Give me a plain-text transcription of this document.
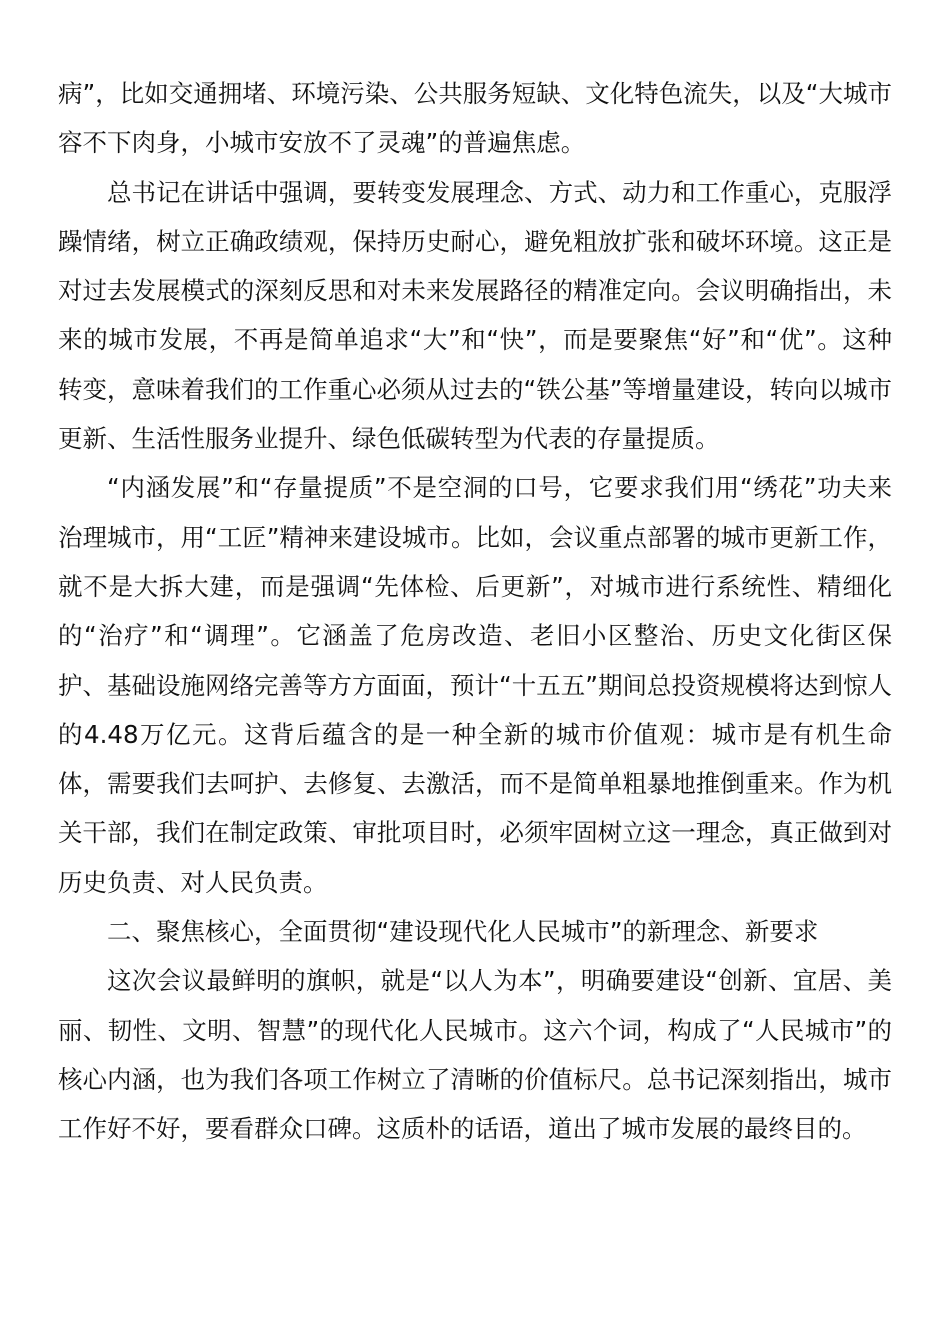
病”，比如交通拥堵、环境污染、公共服务短缺、文化特色流失，以及“大城市容不下肉身，小城市安放不了灵魂”的普遍焦虑。

总书记在讲话中强调，要转变发展理念、方式、动力和工作重心，克服浮躁情绪，树立正确政绩观，保持历史耐心，避免粗放扩张和破坏环境。这正是对过去发展模式的深刻反思和对未来发展路径的精准定向。会议明确指出，未来的城市发展，不再是简单追求“大”和“快”，而是要聚焦“好”和“优”。这种转变，意味着我们的工作重心必须从过去的“铁公基”等增量建设，转向以城市更新、生活性服务业提升、绿色低碳转型为代表的存量提质。

“内涵发展”和“存量提质”不是空洞的口号，它要求我们用“绣花”功夫来治理城市，用“工匠”精神来建设城市。比如，会议重点部署的城市更新工作，就不是大拆大建，而是强调“先体检、后更新”，对城市进行系统性、精细化的“治疗”和“调理”。它涵盖了危房改造、老旧小区整治、历史文化街区保护、基础设施网络完善等方方面面，预计“十五五”期间总投资规模将达到惊人的4.48万亿元。这背后蕴含的是一种全新的城市价值观：城市是有机生命体，需要我们去呵护、去修复、去激活，而不是简单粗暴地推倒重来。作为机关干部，我们在制定政策、审批项目时，必须牢固树立这一理念，真正做到对历史负责、对人民负责。

二、聚焦核心，全面贯彻“建设现代化人民城市”的新理念、新要求

这次会议最鲜明的旗帜，就是“以人为本”，明确要建设“创新、宜居、美丽、韧性、文明、智慧”的现代化人民城市。这六个词，构成了“人民城市”的核心内涵，也为我们各项工作树立了清晰的价值标尺。总书记深刻指出，城市工作好不好，要看群众口碑。这质朴的话语，道出了城市发展的最终目的。
